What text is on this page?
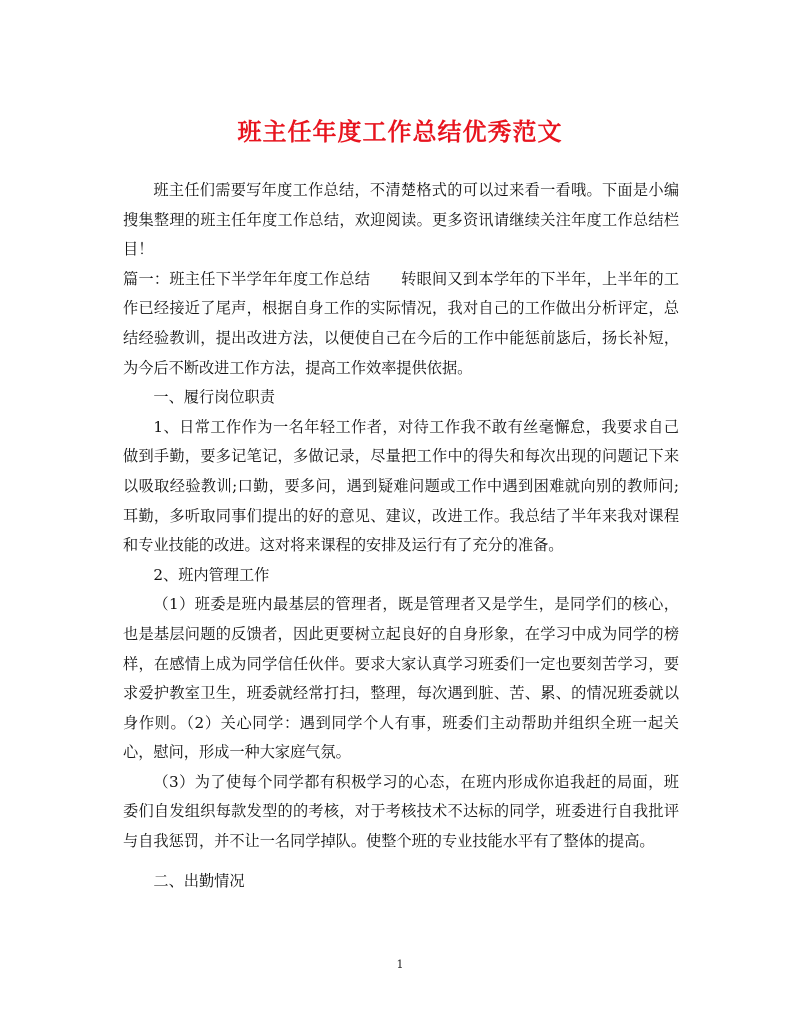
班主任年度工作总结优秀范文

班主任们需要写年度工作总结，不清楚格式的可以过来看一看哦。下面是小编搜集整理的班主任年度工作总结，欢迎阅读。更多资讯请继续关注年度工作总结栏目！

篇一：班主任下半学年年度工作总结　　转眼间又到本学年的下半年，上半年的工作已经接近了尾声，根据自身工作的实际情况，我对自己的工作做出分析评定，总结经验教训，提出改进方法，以便使自己在今后的工作中能惩前毖后，扬长补短，为今后不断改进工作方法，提高工作效率提供依据。

一、履行岗位职责

1、日常工作作为一名年轻工作者，对待工作我不敢有丝毫懈怠，我要求自己做到手勤，要多记笔记，多做记录，尽量把工作中的得失和每次出现的问题记下来以吸取经验教训;口勤，要多问，遇到疑难问题或工作中遇到困难就向别的教师问;耳勤，多听取同事们提出的好的意见、建议，改进工作。我总结了半年来我对课程和专业技能的改进。这对将来课程的安排及运行有了充分的准备。

2、班内管理工作

（1）班委是班内最基层的管理者，既是管理者又是学生，是同学们的核心，也是基层问题的反馈者，因此更要树立起良好的自身形象，在学习中成为同学的榜样，在感情上成为同学信任伙伴。要求大家认真学习班委们一定也要刻苦学习，要求爱护教室卫生，班委就经常打扫，整理，每次遇到脏、苦、累、的情况班委就以身作则。（2）关心同学：遇到同学个人有事，班委们主动帮助并组织全班一起关心，慰问，形成一种大家庭气氛。

（3）为了使每个同学都有积极学习的心态，在班内形成你追我赶的局面，班委们自发组织每款发型的的考核，对于考核技术不达标的同学，班委进行自我批评与自我惩罚，并不让一名同学掉队。使整个班的专业技能水平有了整体的提高。

二、出勤情况

1
